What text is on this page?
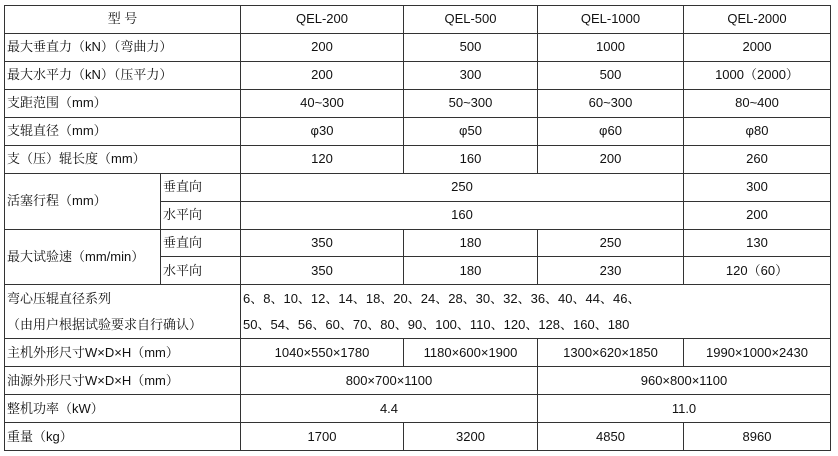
型 号		QEL-200	QEL-500	QEL-1000	QEL-2000
最大垂直力（kN）（弯曲力）		200	500	1000	2000
最大水平力（kN）（压平力）		200	300	500	1000（2000）
支距范围（mm）		40~300	50~300	60~300	80~400
支辊直径（mm）		φ30	φ50	φ60	φ80
支（压）辊长度（mm）		120	160	200	260
活塞行程（mm）	垂直向	250			300
	水平向	160			200
最大试验速（mm/min）	垂直向	350	180	250	130
	水平向	350	180	230	120（60）
弯心压辊直径系列		6、8、10、12、14、18、20、24、28、30、32、36、40、44、46、			
（由用户根据试验要求自行确认）		50、54、56、60、70、80、90、100、110、120、128、160、180			
主机外形尺寸W×D×H（mm）		1040×550×1780	1180×600×1900	1300×620×1850	1990×1000×2430
油源外形尺寸W×D×H（mm）		800×700×1100		960×800×1100	
整机功率（kW）		4.4		11.0	
重量（kg）		1700	3200	4850	8960
